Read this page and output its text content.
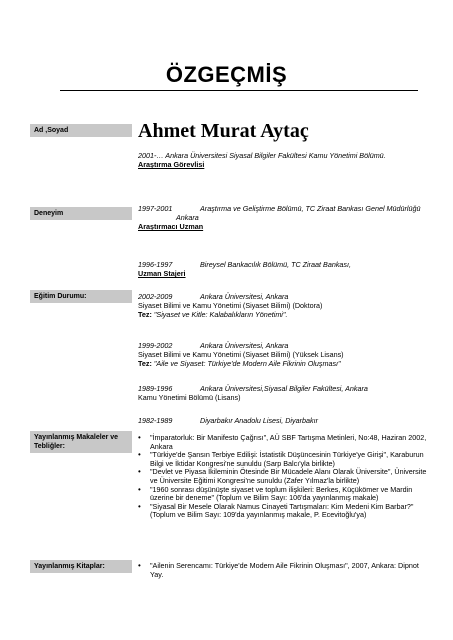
ÖZGEÇMİŞ
Ad ,Soyad	Ahmet Murat Aytaç
2001-… Ankara Üniversitesi Siyasal Bilgiler Fakültesi Kamu Yönetimi Bölümü.
Araştırma Görevlisi
Deneyim
1997-2001	Araştırma ve Geliştirme Bölümü, TC Ziraat Bankası Genel Müdürlüğü
Ankara
Araştırmacı Uzman
1996-1997	Bireysel Bankacılık Bölümü, TC Ziraat Bankası,
Uzman Stajeri
Eğitim Durumu:	2002-2009	Ankara Üniversitesi, Ankara
Siyaset Bilimi ve Kamu Yönetimi (Siyaset Bilimi) (Doktora)
Tez: "Siyaset ve Kitle: Kalabalıkların Yönetimi".
1999-2002	Ankara Üniversitesi, Ankara
Siyaset Bilimi ve Kamu Yönetimi (Siyaset Bilimi) (Yüksek Lisans)
Tez: "Aile ve Siyaset: Türkiye'de Modern Aile Fikrinin Oluşması"
1989-1996	Ankara Üniversitesi,Siyasal Bilgiler Fakültesi, Ankara
Kamu Yönetimi Bölümü (Lisans)
1982-1989	Diyarbakır Anadolu Lisesi, Diyarbakır
Yayınlanmış Makaleler ve Tebliğler:
• "İmparatorluk: Bir Manifesto Çağrısı", AÜ SBF Tartışma Metinleri, No:48, Haziran 2002, Ankara
• "Türkiye'de Şansın Terbiye Edilişi: İstatistik Düşüncesinin Türkiye'ye Girişi", Karaburun Bilgi ve İktidar Kongresi'ne sunuldu (Sarp Balcı'yla birlikte)
• "Devlet ve Piyasa İkileminin Ötesinde Bir Mücadele Alanı Olarak Üniversite", Üniversite ve Üniversite Eğitimi Kongresi'ne sunuldu (Zafer Yılmaz'la birlikte)
• "1960 sonrası düşünüşte siyaset ve toplum ilişkileri: Berkes, Küçükömer ve Mardin üzerine bir deneme" (Toplum ve Bilim Sayı: 106'da yayınlanmış makale)
• "Siyasal Bir Mesele Olarak Namus Cinayeti Tartışmaları: Kim Medeni Kim Barbar?" (Toplum ve Bilim Sayı: 109'da yayınlanmış makale, P. Ecevitoğlu'ya)
Yayınlanmış Kitaplar:
•	"Ailenin Serencamı: Türkiye'de Modern Aile Fikrinin Oluşması", 2007, Ankara: Dipnot Yay.
